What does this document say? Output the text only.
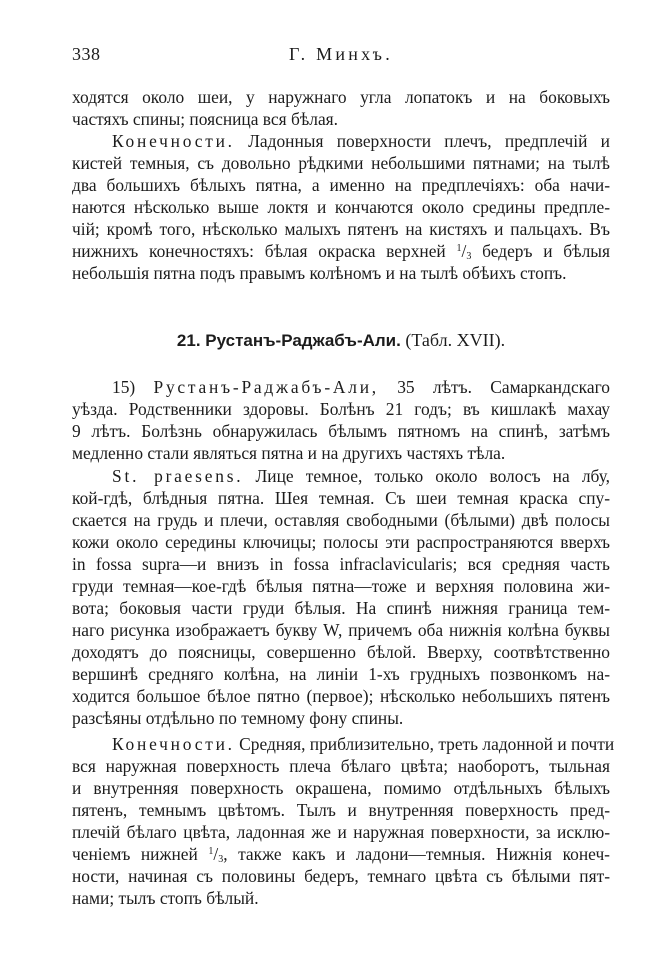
338	Г. Минхъ.
ходятся около шеи, у наружнаго угла лопатокъ и на боковыхъ
частяхъ спины; поясница вся бѣлая.
Конечности. Ладонныя поверхности плечъ, предплечій и
кистей темныя, съ довольно рѣдкими небольшими пятнами; на тылѣ
два большихъ бѣлыхъ пятна, а именно на предплечіяхъ: оба начи-
наются нѣсколько выше локтя и кончаются около средины предпле-
чій; кромѣ того, нѣсколько малыхъ пятенъ на кистяхъ и пальцахъ. Въ
нижнихъ конечностяхъ: бѣлая окраска верхней $^1/_3$ бедеръ и бѣлыя
небольшія пятна подъ правымъ колѣномъ и на тылѣ обѣихъ стопъ.
21. Рустанъ-Раджабъ-Али. (Табл. XVII).
15) Рустанъ-Раджабъ-Али, 35 лѣтъ. Самаркандскаго
уѣзда. Родственники здоровы. Болѣнъ 21 годъ; въ кишлакѣ махау
9 лѣтъ. Болѣзнь обнаружилась бѣлымъ пятномъ на спинѣ, затѣмъ
медленно стали являться пятна и на другихъ частяхъ тѣла.
St. praesens. Лице темное, только около волосъ на лбу,
кой-гдѣ, блѣдныя пятна. Шея темная. Съ шеи темная краска спу-
скается на грудь и плечи, оставляя свободными (бѣлыми) двѣ полосы
кожи около середины ключицы; полосы эти распространяются вверхъ
in fossa supra—и внизъ in fossa infraclavicularis; вся средняя часть
груди темная—кое-гдѣ бѣлыя пятна—тоже и верхняя половина жи-
вота; боковыя части груди бѣлыя. На спинѣ нижняя граница тем-
наго рисунка изображаетъ букву W, причемъ оба нижнія колѣна буквы
доходятъ до поясницы, совершенно бѣлой. Вверху, соотвѣтственно
вершинѣ средняго колѣна, на линіи 1-хъ грудныхъ позвонкомъ на-
ходится большое бѣлое пятно (первое); нѣсколько небольшихъ пятенъ
разсѣяны отдѣльно по темному фону спины.
Конечности. Средняя, приблизительно, треть ладонной и почти
вся наружная поверхность плеча бѣлаго цвѣта; наоборотъ, тыльная
и внутренняя поверхность окрашена, помимо отдѣльныхъ бѣлыхъ
пятенъ, темнымъ цвѣтомъ. Тылъ и внутренняя поверхность пред-
плечій бѣлаго цвѣта, ладонная же и наружная поверхности, за исклю-
ченіемъ нижней $^1/_3$, также какъ и ладони—темныя. Нижнія конеч-
ности, начиная съ половины бедеръ, темнаго цвѣта съ бѣлыми пят-
нами; тылъ стопъ бѣлый.
